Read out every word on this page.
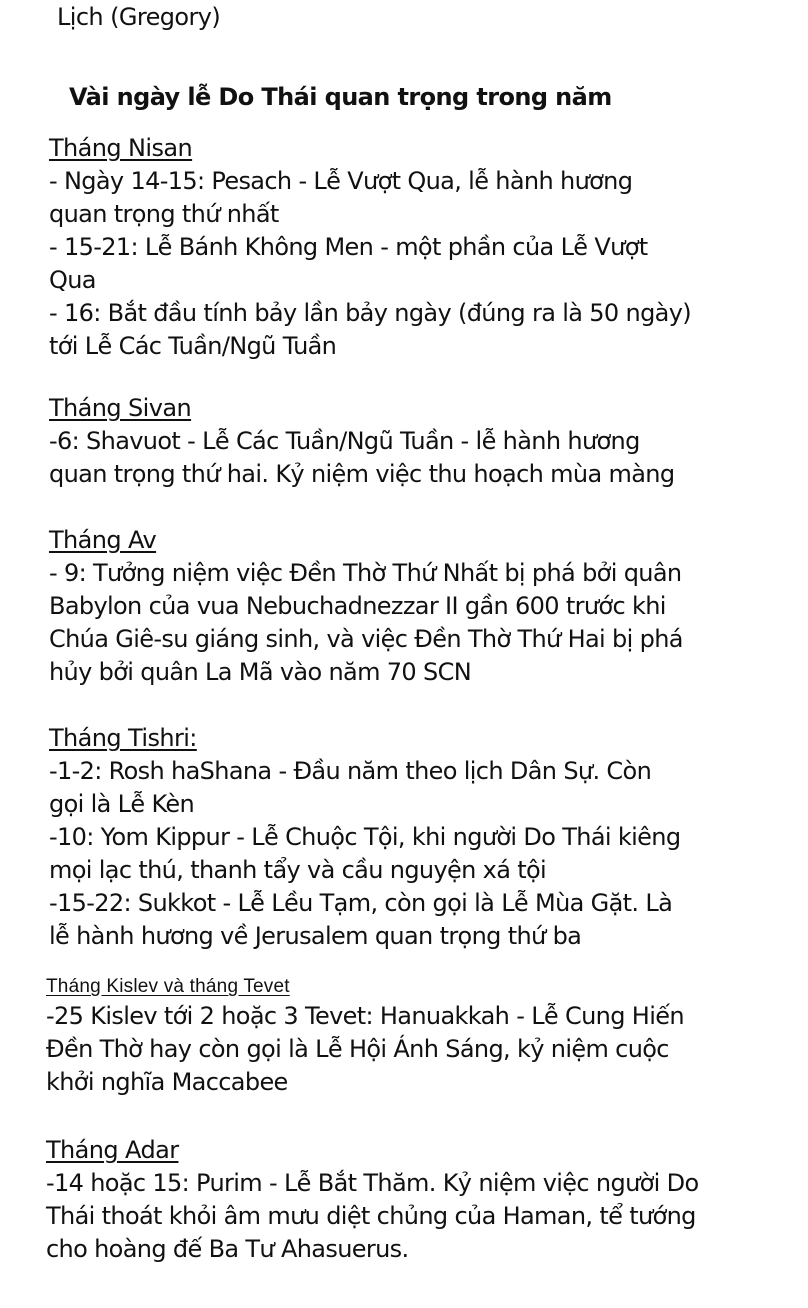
Lịch (Gregory)
Vài ngày lễ Do Thái quan trọng trong năm
Tháng Nisan
- Ngày 14-15: Pesach - Lễ Vượt Qua, lễ hành hương
quan trọng thứ nhất
- 15-21: Lễ Bánh Không Men - một phần của Lễ Vượt
Qua
- 16: Bắt đầu tính bảy lần bảy ngày (đúng ra là 50 ngày)
tới Lễ Các Tuần/Ngũ Tuần
Tháng Sivan
-6: Shavuot - Lễ Các Tuần/Ngũ Tuần - lễ hành hương
quan trọng thứ hai. Kỷ niệm việc thu hoạch mùa màng
Tháng Av
- 9: Tưởng niệm việc Đền Thờ Thứ Nhất bị phá bởi quân
Babylon của vua Nebuchadnezzar II gần 600 trước khi
Chúa Giê-su giáng sinh, và việc Đền Thờ Thứ Hai bị phá
hủy bởi quân La Mã vào năm 70 SCN
Tháng Tishri:
-1-2: Rosh haShana - Đầu năm theo lịch Dân Sự. Còn
gọi là Lễ Kèn
-10: Yom Kippur - Lễ Chuộc Tội, khi người Do Thái kiêng
mọi lạc thú, thanh tẩy và cầu nguyện xá tội
-15-22: Sukkot - Lễ Lều Tạm, còn gọi là Lễ Mùa Gặt. Là
lễ hành hương về Jerusalem quan trọng thứ ba
Tháng Kislev và tháng Tevet
-25 Kislev tới 2 hoặc 3 Tevet: Hanuakkah - Lễ Cung Hiến
Đền Thờ hay còn gọi là Lễ Hội Ánh Sáng, kỷ niệm cuộc
khởi nghĩa Maccabee
Tháng Adar
-14 hoặc 15: Purim - Lễ Bắt Thăm. Kỷ niệm việc người Do
Thái thoát khỏi âm mưu diệt chủng của Haman, tể tướng
cho hoàng đế Ba Tư Ahasuerus.
